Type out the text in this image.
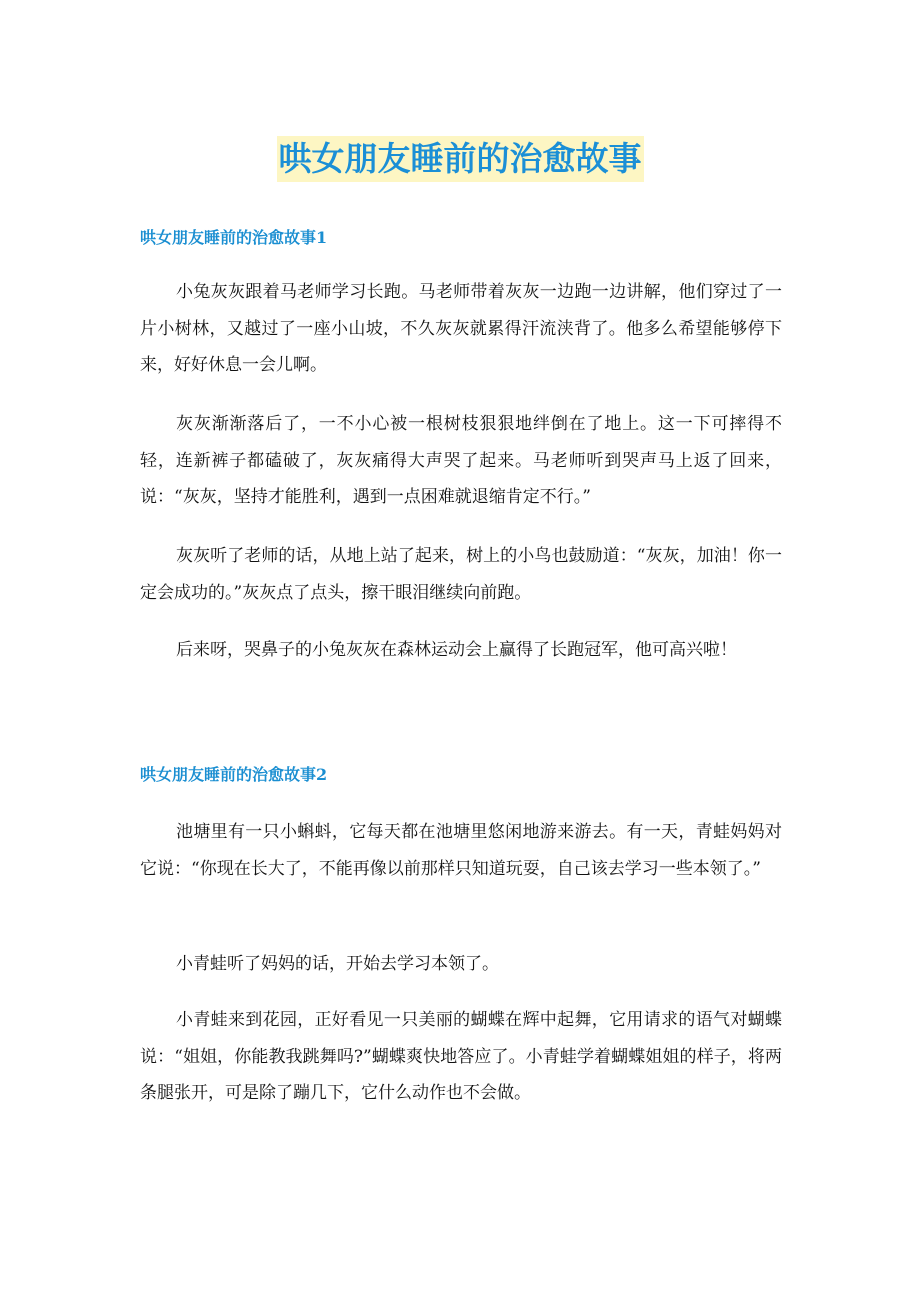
哄女朋友睡前的治愈故事
哄女朋友睡前的治愈故事1

小兔灰灰跟着马老师学习长跑。马老师带着灰灰一边跑一边讲解，他们穿过了一片小树林，又越过了一座小山坡，不久灰灰就累得汗流浃背了。他多么希望能够停下来，好好休息一会儿啊。

灰灰渐渐落后了，一不小心被一根树枝狠狠地绊倒在了地上。这一下可摔得不轻，连新裤子都磕破了，灰灰痛得大声哭了起来。马老师听到哭声马上返了回来，说：“灰灰，坚持才能胜利，遇到一点困难就退缩肯定不行。”

灰灰听了老师的话，从地上站了起来，树上的小鸟也鼓励道：“灰灰，加油！你一定会成功的。”灰灰点了点头，擦干眼泪继续向前跑。

后来呀，哭鼻子的小兔灰灰在森林运动会上赢得了长跑冠军，他可高兴啦！

哄女朋友睡前的治愈故事2

池塘里有一只小蝌蚪，它每天都在池塘里悠闲地游来游去。有一天，青蛙妈妈对它说：“你现在长大了，不能再像以前那样只知道玩耍，自己该去学习一些本领了。”

小青蛙听了妈妈的话，开始去学习本领了。

小青蛙来到花园，正好看见一只美丽的蝴蝶在辉中起舞，它用请求的语气对蝴蝶说：“姐姐，你能教我跳舞吗?”蝴蝶爽快地答应了。小青蛙学着蝴蝶姐姐的样子，将两条腿张开，可是除了蹦几下，它什么动作也不会做。
